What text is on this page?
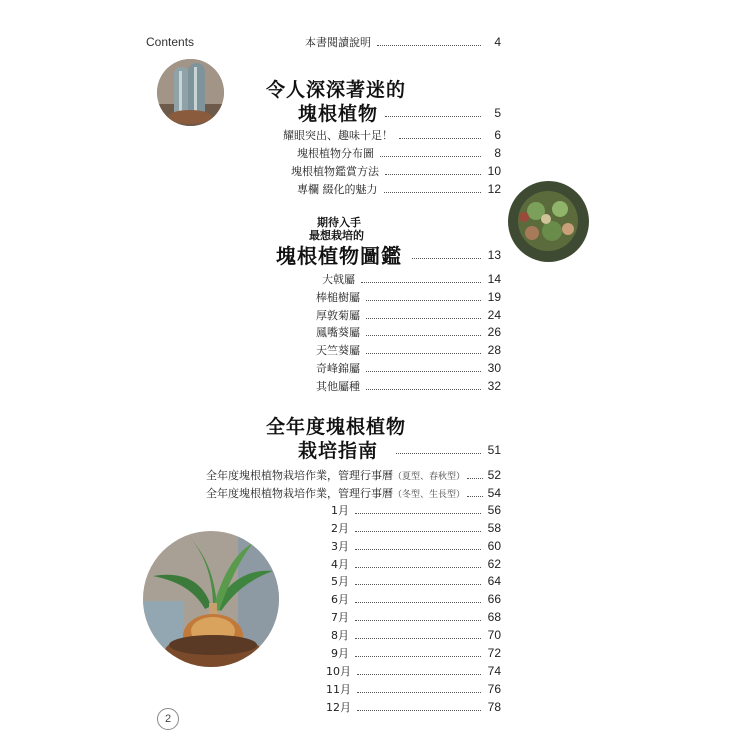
Contents	本書閱讀說明	4
令人深深著迷的
塊根植物	5
耀眼突出、趣味十足！	6
塊根植物分布圖	8
塊根植物鑑賞方法	10
專欄 綴化的魅力	12
期待入手
最想栽培的
塊根植物圖鑑	13
大戟屬	14
棒槌樹屬	19
厚敦菊屬	24
鳳嘴葵屬	26
天竺葵屬	28
奇峰錦屬	30
其他屬種	32
全年度塊根植物
栽培指南	51
全年度塊根植物栽培作業，管理行事曆（夏型、春秋型） 52
全年度塊根植物栽培作業，管理行事曆（冬型、生長型） 54
1月	56
2月	58
3月	60
4月	62
5月	64
6月	66
7月	68
8月	70
9月	72
10月	74
11月	76
12月	78
2
